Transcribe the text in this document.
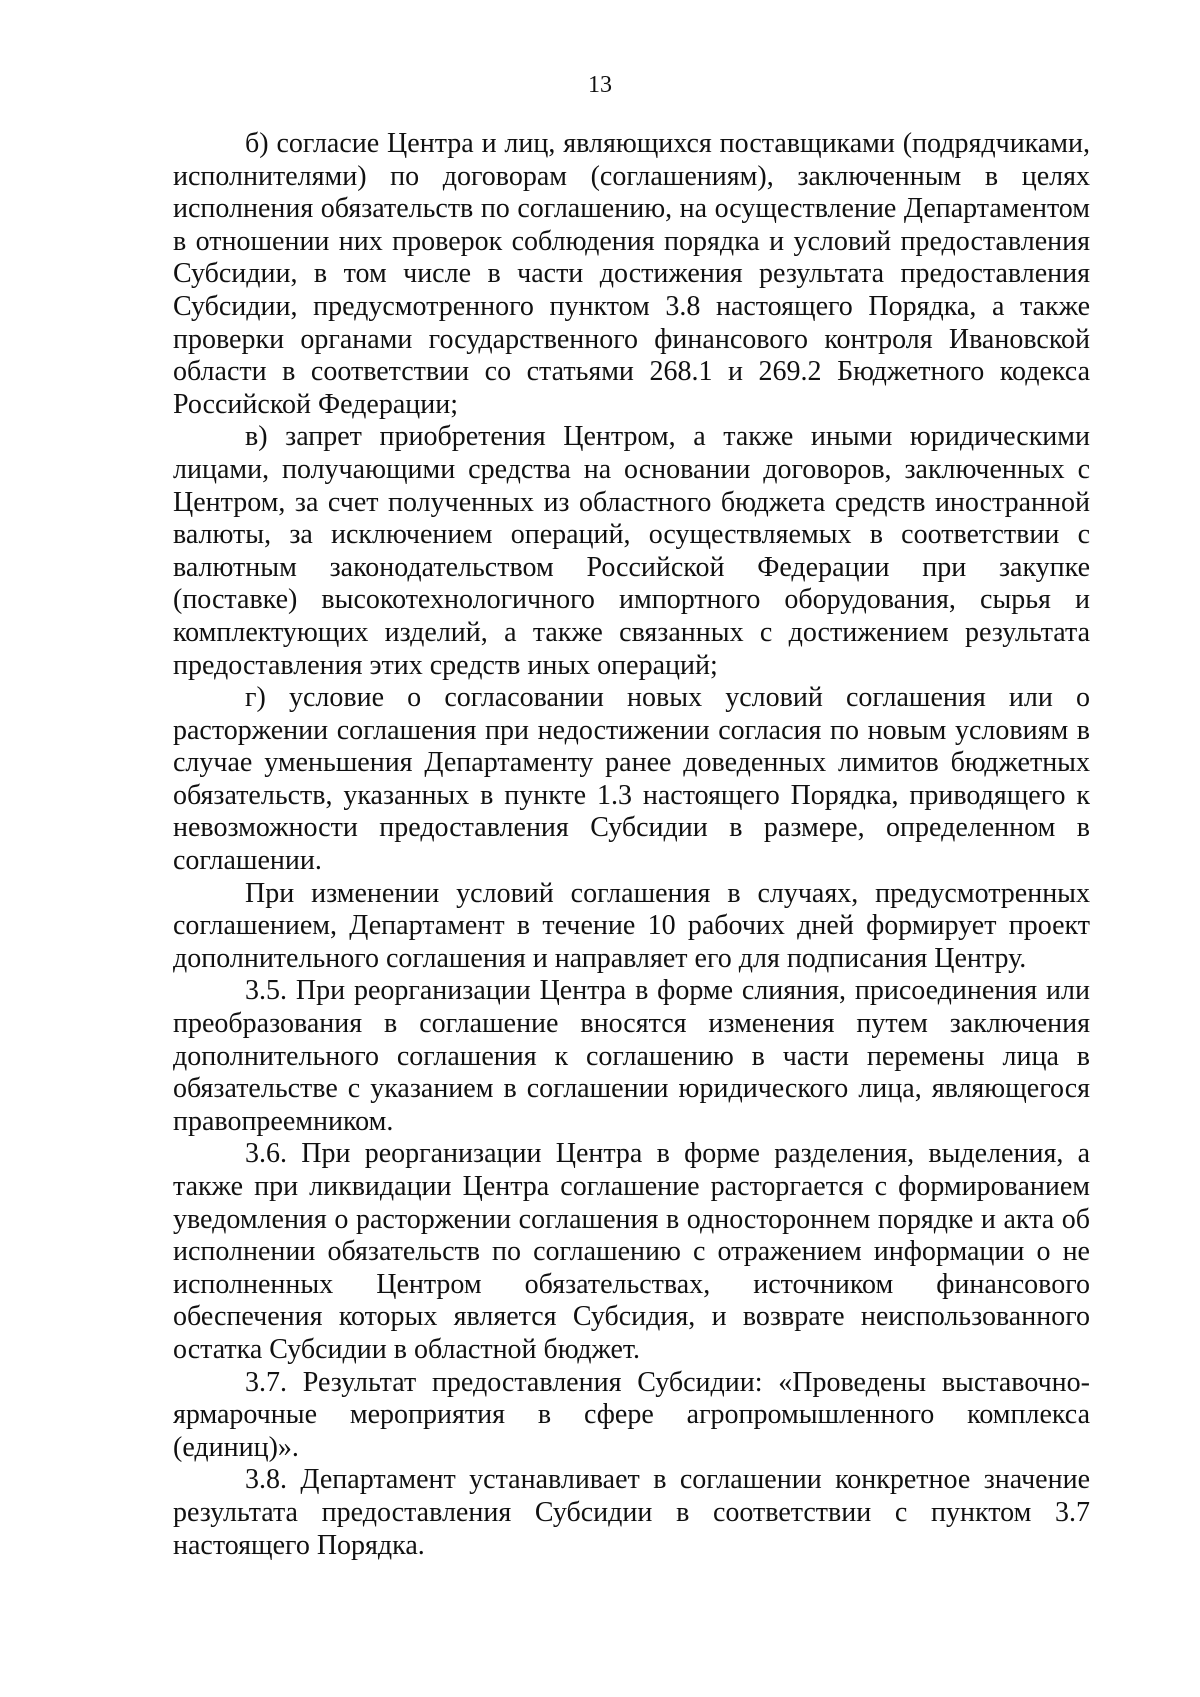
13

б) согласие Центра и лиц, являющихся поставщиками (подрядчиками, исполнителями) по договорам (соглашениям), заключенным в целях исполнения обязательств по соглашению, на осуществление Департаментом в отношении них проверок соблюдения порядка и условий предоставления Субсидии, в том числе в части достижения результата предоставления Субсидии, предусмотренного пунктом 3.8 настоящего Порядка, а также проверки органами государственного финансового контроля Ивановской области в соответствии со статьями 268.1 и 269.2 Бюджетного кодекса Российской Федерации;

в) запрет приобретения Центром, а также иными юридическими лицами, получающими средства на основании договоров, заключенных с Центром, за счет полученных из областного бюджета средств иностранной валюты, за исключением операций, осуществляемых в соответствии с валютным законодательством Российской Федерации при закупке (поставке) высокотехнологичного импортного оборудования, сырья и комплектующих изделий, а также связанных с достижением результата предоставления этих средств иных операций;

г) условие о согласовании новых условий соглашения или о расторжении соглашения при недостижении согласия по новым условиям в случае уменьшения Департаменту ранее доведенных лимитов бюджетных обязательств, указанных в пункте 1.3 настоящего Порядка, приводящего к невозможности предоставления Субсидии в размере, определенном в соглашении.

При изменении условий соглашения в случаях, предусмотренных соглашением, Департамент в течение 10 рабочих дней формирует проект дополнительного соглашения и направляет его для подписания Центру.

3.5. При реорганизации Центра в форме слияния, присоединения или преобразования в соглашение вносятся изменения путем заключения дополнительного соглашения к соглашению в части перемены лица в обязательстве с указанием в соглашении юридического лица, являющегося правопреемником.

3.6. При реорганизации Центра в форме разделения, выделения, а также при ликвидации Центра соглашение расторгается с формированием уведомления о расторжении соглашения в одностороннем порядке и акта об исполнении обязательств по соглашению с отражением информации о не исполненных Центром обязательствах, источником финансового обеспечения которых является Субсидия, и возврате неиспользованного остатка Субсидии в областной бюджет.

3.7. Результат предоставления Субсидии: «Проведены выставочно-ярмарочные мероприятия в сфере агропромышленного комплекса (единиц)».

3.8. Департамент устанавливает в соглашении конкретное значение результата предоставления Субсидии в соответствии с пунктом 3.7 настоящего Порядка.
